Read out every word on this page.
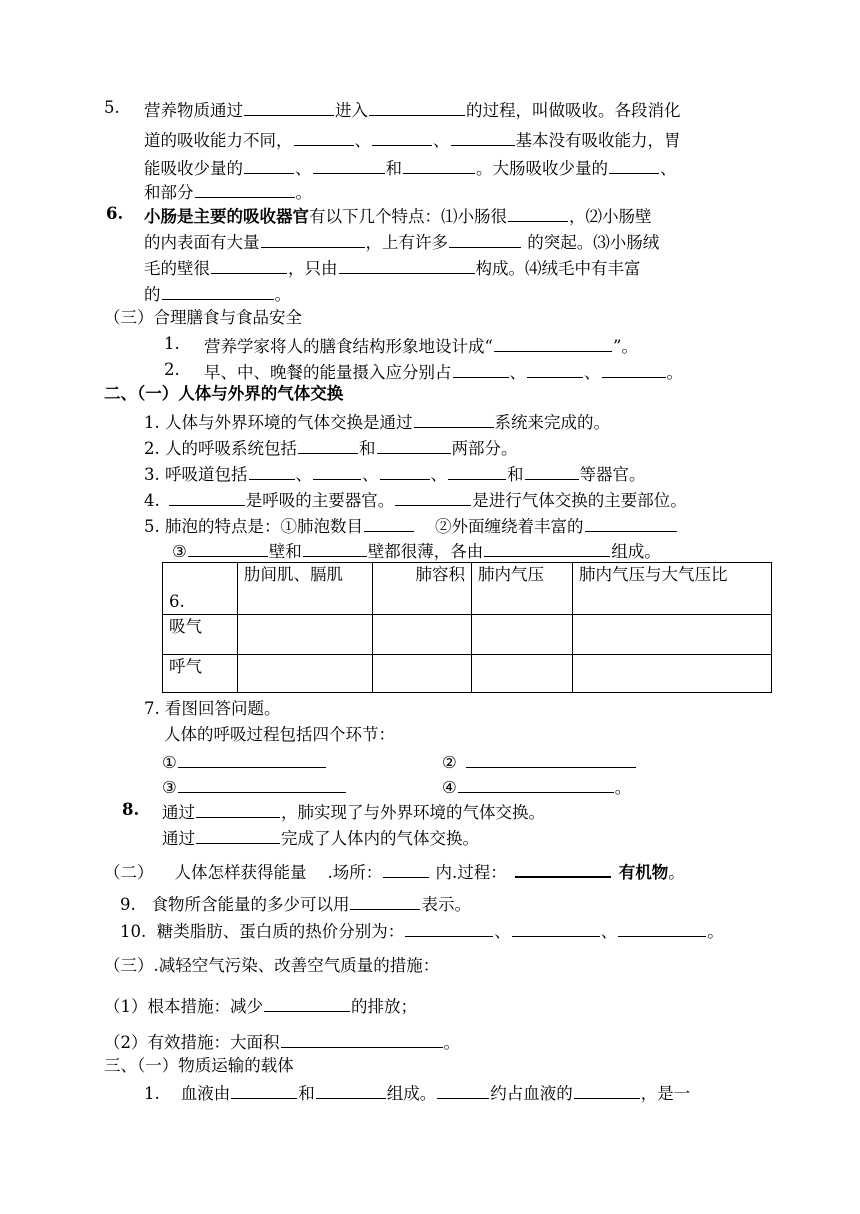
5. 营养物质通过	进入	的过程，叫做吸收。各段消化
道的吸收能力不同，	、	、	基本没有吸收能力，胃
能吸收少量的	、	和	。大肠吸收少量的	、
和部分	。
6. 小肠是主要的吸收器官有以下几个特点：⑴小肠很	，⑵小肠壁
的内表面有大量	，上有许多	的突起。⑶小肠绒
毛的壁很	，只由	构成。⑷绒毛中有丰富
的	。
（三）合理膳食与食品安全
1. 营养学家将人的膳食结构形象地设计成“	”。
2. 早、中、晚餐的能量摄入应分别占	、	、	。
二、（一）人体与外界的气体交换
1. 人体与外界环境的气体交换是通过	系统来完成的。
2. 人的呼吸系统包括	和	两部分。
3. 呼吸道包括	、	、	、	和	等器官。
4.	是呼吸的主要器官。	是进行气体交换的主要部位。
5. 肺泡的特点是：①肺泡数目	②外面缠绕着丰富的
③	壁和	壁都很薄，各由	组成。
6.	肋间肌、膈肌	肺容积	肺内气压	肺内气压与大气压比
吸气				
呼气				
7. 看图回答问题。
人体的呼吸过程包括四个环节：
①	②
③	④	。
8. 通过	，肺实现了与外界环境的气体交换。
通过	完成了人体内的气体交换。
（二）    人体怎样获得能量    .场所：	内.过程：	有机物。
9.   食物所含能量的多少可以用	表示。
10.  糖类脂肪、蛋白质的热价分别为：	、	、	。
（三）.减轻空气污染、改善空气质量的措施：
（1）根本措施：减少	的排放；
（2）有效措施：大面积	。
三、（一）物质运输的载体
1.    血液由	和	组成。	约占血液的	，是一
